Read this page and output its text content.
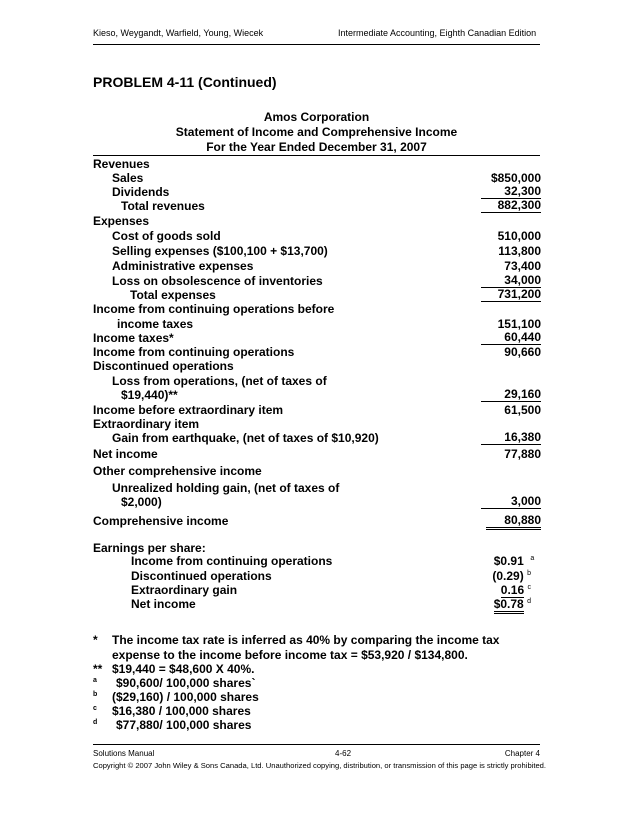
Kieso, Weygandt, Warfield, Young, Wiecek	Intermediate Accounting, Eighth Canadian Edition
PROBLEM 4-11 (Continued)
Amos Corporation
Statement of Income and Comprehensive Income
For the Year Ended December 31, 2007
Revenues
Sales	$850,000
Dividends	32,300
Total revenues	882,300
Expenses
Cost of goods sold	510,000
Selling expenses ($100,100 + $13,700)	113,800
Administrative expenses	73,400
Loss on obsolescence of inventories	34,000
Total expenses	731,200
Income from continuing operations before
income taxes	151,100
Income taxes*	60,440
Income from continuing operations	90,660
Discontinued operations
Loss from operations, (net of taxes of
$19,440)**	29,160
Income before extraordinary item	61,500
Extraordinary item
Gain from earthquake, (net of taxes of $10,920)	16,380
Net income	77,880
Other comprehensive income
Unrealized holding gain, (net of taxes of
$2,000)	3,000
Comprehensive income	80,880
Earnings per share:
Income from continuing operations	$0.91 $^a$
Discontinued operations	(0.29) $^b$
Extraordinary gain	0.16 $^c$
Net income	$0.78 $^d$
* The income tax rate is inferred as 40% by comparing the income tax
expense to the income before income tax = $53,920 / $134,800.
** $19,440 = $48,600 X 40%.
a $90,600/ 100,000 shares`
b ($29,160) / 100,000 shares
c $16,380 / 100,000 shares
d $77,880/ 100,000 shares
Solutions Manual	4-62	Chapter 4
Copyright © 2007 John Wiley & Sons Canada, Ltd. Unauthorized copying, distribution, or transmission of this page is strictly prohibited.
